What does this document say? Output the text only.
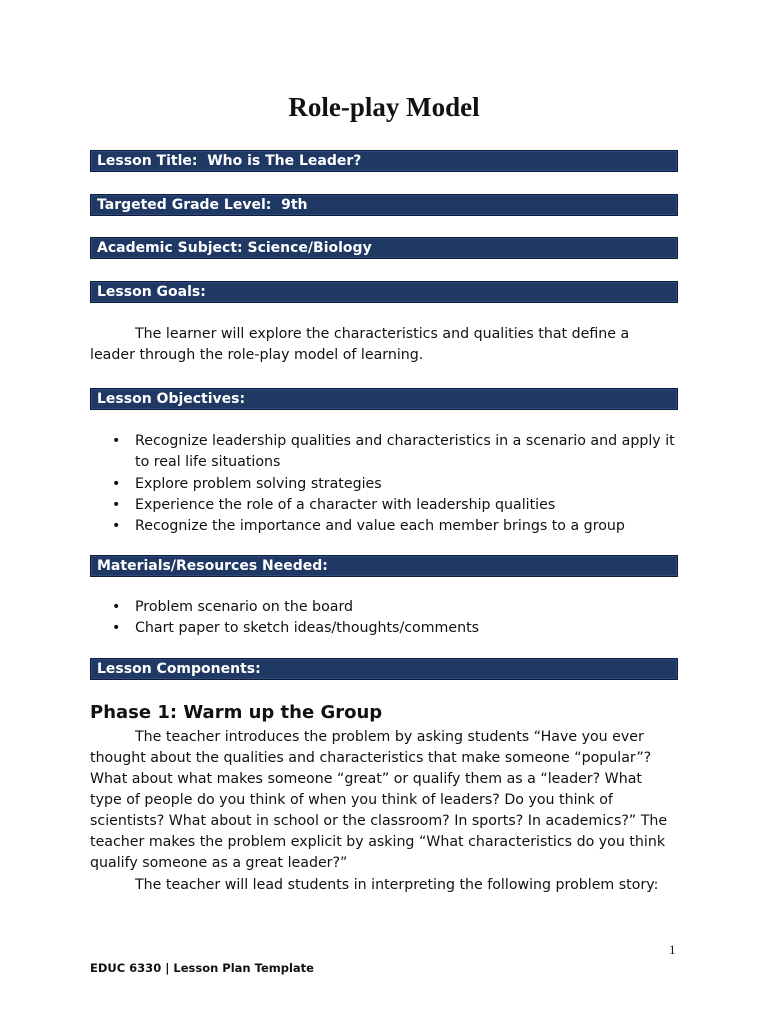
Role-play Model
Lesson Title:  Who is The Leader?
Targeted Grade Level:  9th
Academic Subject: Science/Biology
Lesson Goals:
The learner will explore the characteristics and qualities that define a leader through the role-play model of learning.
Lesson Objectives:
• Recognize leadership qualities and characteristics in a scenario and apply it to real life situations
• Explore problem solving strategies
• Experience the role of a character with leadership qualities
• Recognize the importance and value each member brings to a group
Materials/Resources Needed:
• Problem scenario on the board
• Chart paper to sketch ideas/thoughts/comments
Lesson Components:
Phase 1: Warm up the Group
The teacher introduces the problem by asking students “Have you ever thought about the qualities and characteristics that make someone “popular”? What about what makes someone “great” or qualify them as a “leader? What type of people do you think of when you think of leaders? Do you think of scientists? What about in school or the classroom? In sports? In academics?” The teacher makes the problem explicit by asking “What characteristics do you think qualify someone as a great leader?”
The teacher will lead students in interpreting the following problem story:
1
EDUC 6330 | Lesson Plan Template
